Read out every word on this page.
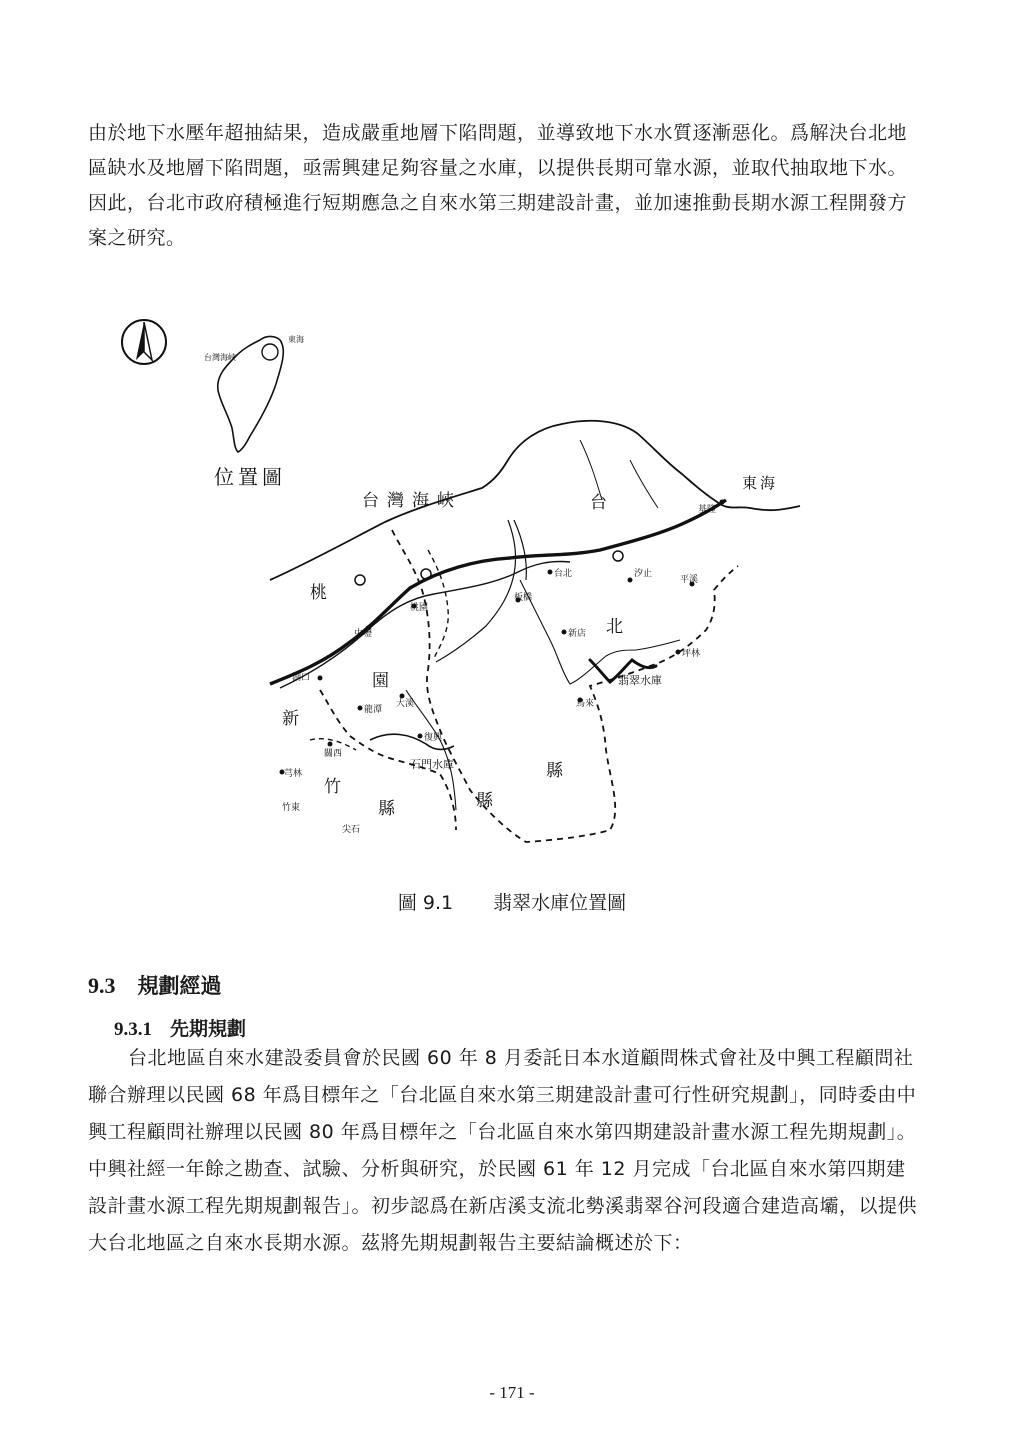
由於地下水壓年超抽結果，造成嚴重地層下陷問題，並導致地下水水質逐漸惡化。爲解決台北地區缺水及地層下陷問題，亟需興建足夠容量之水庫，以提供長期可靠水源，並取代抽取地下水。因此，台北市政府積極進行短期應急之自來水第三期建設計畫，並加速推動長期水源工程開發方案之研究。

台灣海峽
東海
位置圖
台灣海峽
東海
台
北
縣
桃
園
縣
新
竹
縣
台北
基隆
汐止
平溪
板橋
新店
坪林
翡翠水庫
烏來
桃園
中壢
湖口
龍潭
大溪
復興
關西
石門水庫
芎林
竹東
尖石
圖 9.1 翡翠水庫位置圖
9.3 規劃經過
9.3.1 先期規劃

台北地區自來水建設委員會於民國 60 年 8 月委託日本水道顧問株式會社及中興工程顧問社聯合辦理以民國 68 年爲目標年之「台北區自來水第三期建設計畫可行性研究規劃」，同時委由中興工程顧問社辦理以民國 80 年爲目標年之「台北區自來水第四期建設計畫水源工程先期規劃」。中興社經一年餘之勘查、試驗、分析與研究，於民國 61 年 12 月完成「台北區自來水第四期建設計畫水源工程先期規劃報告」。初步認爲在新店溪支流北勢溪翡翠谷河段適合建造高壩，以提供大台北地區之自來水長期水源。茲將先期規劃報告主要結論概述於下：

- 171 -
